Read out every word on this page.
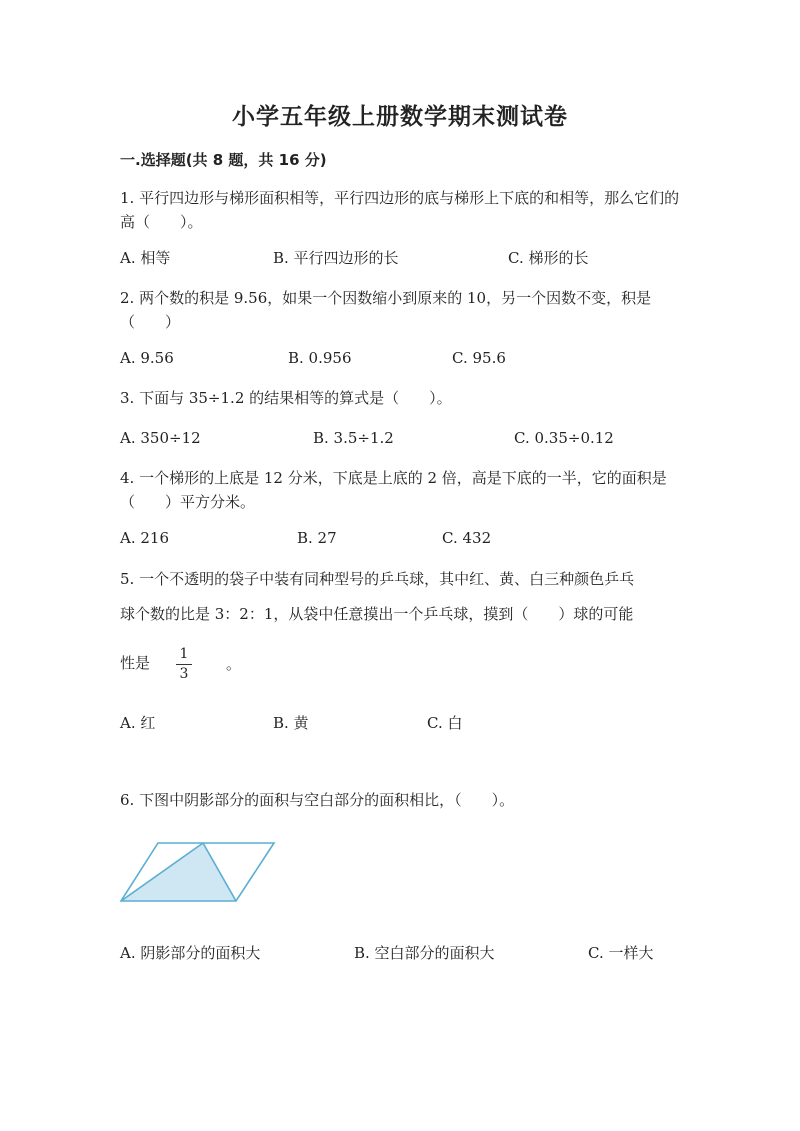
小学五年级上册数学期末测试卷
一.选择题(共 8 题，共 16 分)
1. 平行四边形与梯形面积相等，平行四边形的底与梯形上下底的和相等，那么它们的高（　　）。
A. 相等	B. 平行四边形的长	C. 梯形的长
2. 两个数的积是 9.56，如果一个因数缩小到原来的 10，另一个因数不变，积是（　　）
A. 9.56	B. 0.956	C. 95.6
3. 下面与 35÷1.2 的结果相等的算式是（　　）。
A. 350÷12	B. 3.5÷1.2	C. 0.35÷0.12
4. 一个梯形的上底是 12 分米，下底是上底的 2 倍，高是下底的一半，它的面积是（　　）平方分米。
A. 216	B. 27	C. 432
5. 一个不透明的袋子中装有同种型号的乒乓球，其中红、黄、白三种颜色乒乓
球个数的比是 3：2：1，从袋中任意摸出一个乒乓球，摸到（　　）球的可能
性是	1
3
。
A. 红	B. 黄	C. 白
6. 下图中阴影部分的面积与空白部分的面积相比，（　　）。
A. 阴影部分的面积大	B. 空白部分的面积大	C. 一样大
